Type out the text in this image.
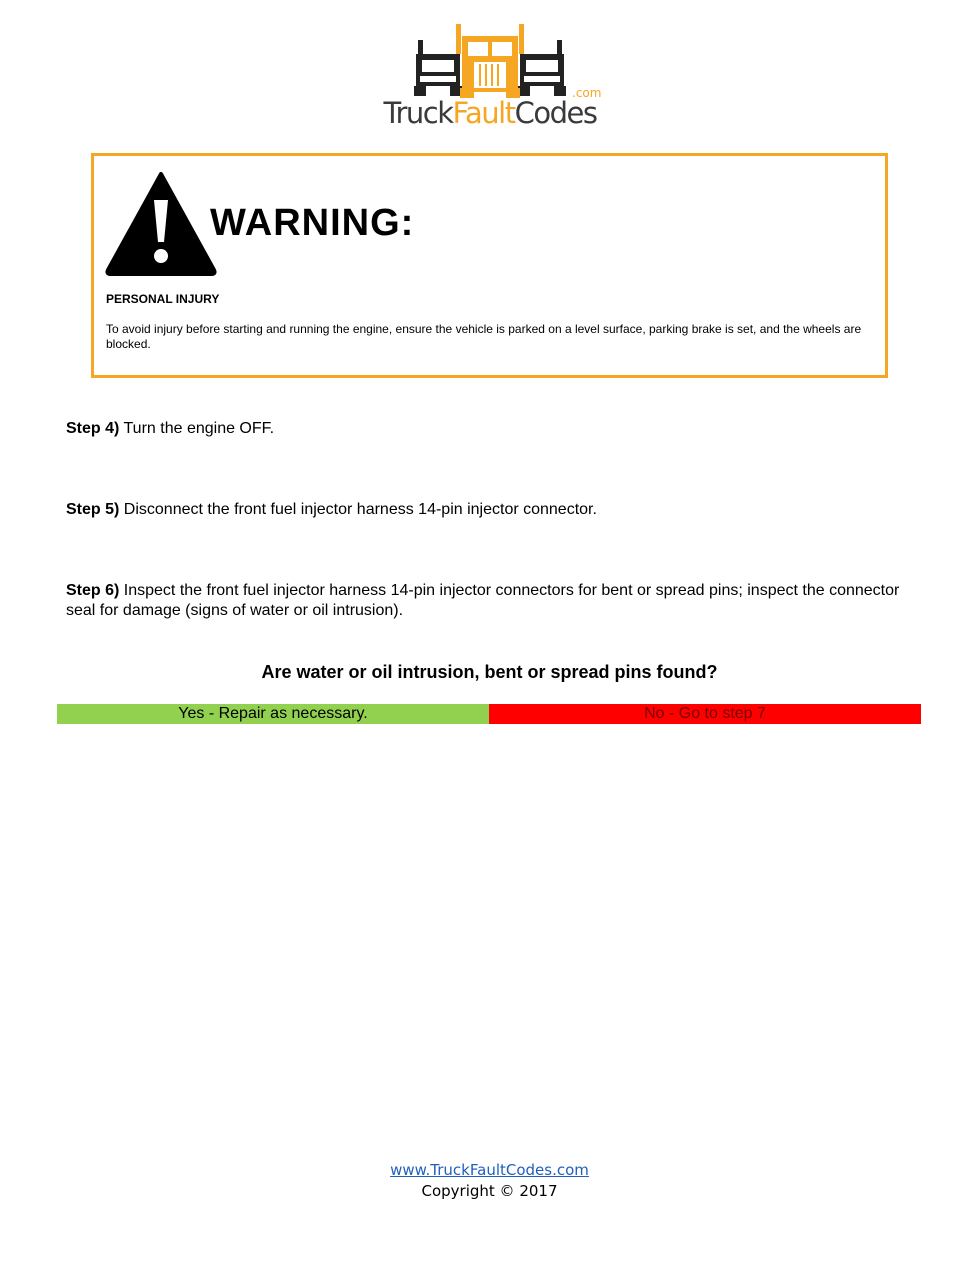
.com
TruckFaultCodes
WARNING:
PERSONAL INJURY
To avoid injury before starting and running the engine, ensure the vehicle is parked on a level surface, parking brake is set, and the wheels are blocked.
Step 4) Turn the engine OFF.
Step 5) Disconnect the front fuel injector harness 14-pin injector connector.
Step 6) Inspect the front fuel injector harness 14-pin injector connectors for bent or spread pins; inspect the connector seal for damage (signs of water or oil intrusion).
Are water or oil intrusion, bent or spread pins found?
Yes - Repair as necessary.	No - Go to step 7
www.TruckFaultCodes.com
Copyright © 2017
